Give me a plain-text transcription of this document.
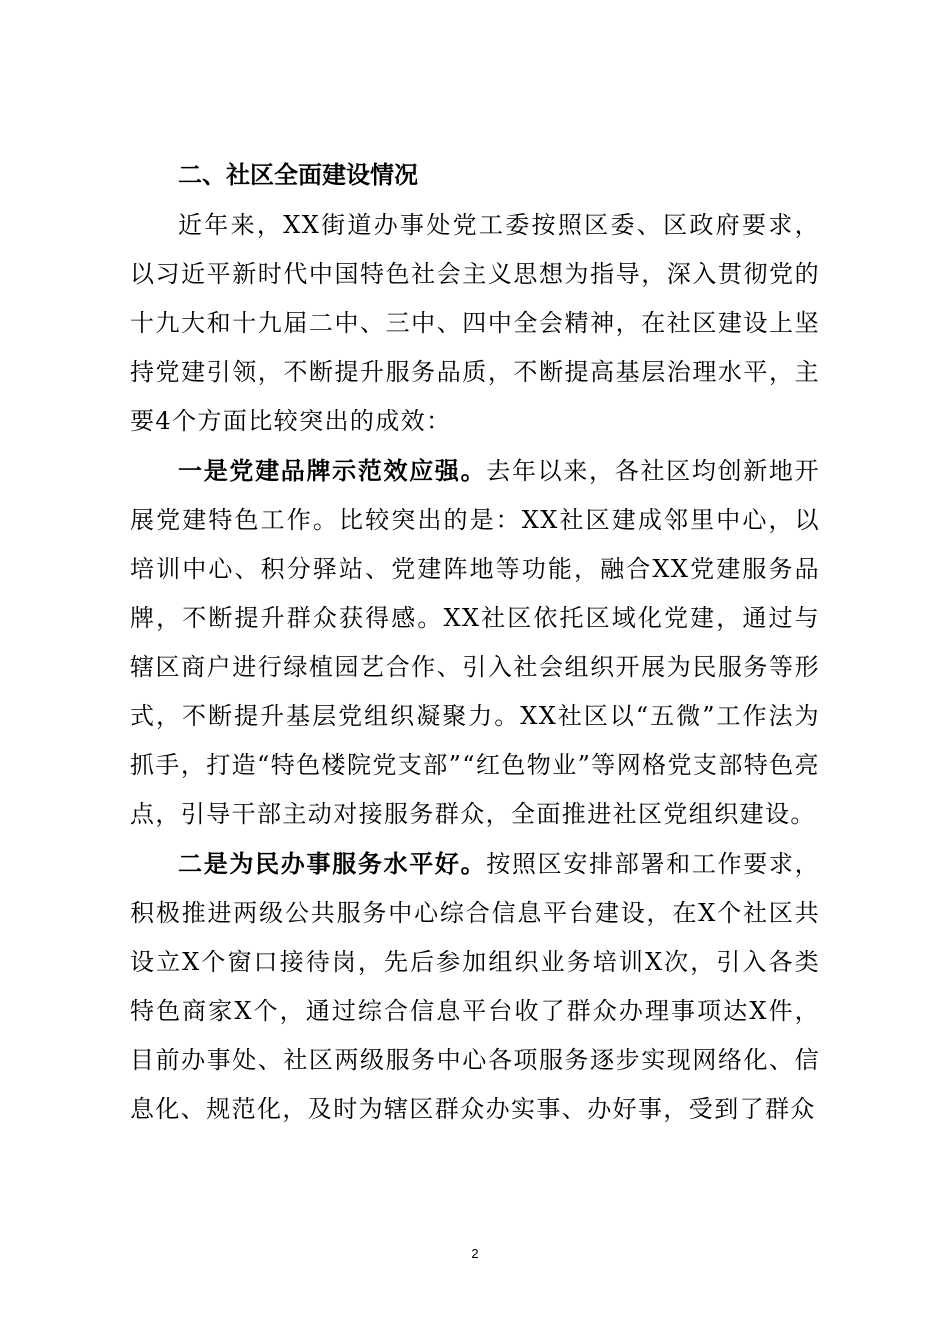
二、社区全面建设情况

近年来，XX街道办事处党工委按照区委、区政府要求，以习近平新时代中国特色社会主义思想为指导，深入贯彻党的十九大和十九届二中、三中、四中全会精神，在社区建设上坚持党建引领，不断提升服务品质，不断提高基层治理水平，主要4个方面比较突出的成效：

一是党建品牌示范效应强。去年以来，各社区均创新地开展党建特色工作。比较突出的是：XX社区建成邻里中心，以培训中心、积分驿站、党建阵地等功能，融合XX党建服务品牌，不断提升群众获得感。XX社区依托区域化党建，通过与辖区商户进行绿植园艺合作、引入社会组织开展为民服务等形式，不断提升基层党组织凝聚力。XX社区以“五微”工作法为抓手，打造“特色楼院党支部”“红色物业”等网格党支部特色亮点，引导干部主动对接服务群众，全面推进社区党组织建设。

二是为民办事服务水平好。按照区安排部署和工作要求，积极推进两级公共服务中心综合信息平台建设，在X个社区共设立X个窗口接待岗，先后参加组织业务培训X次，引入各类特色商家X个，通过综合信息平台收了群众办理事项达X件，目前办事处、社区两级服务中心各项服务逐步实现网络化、信息化、规范化，及时为辖区群众办实事、办好事，受到了群众

2
